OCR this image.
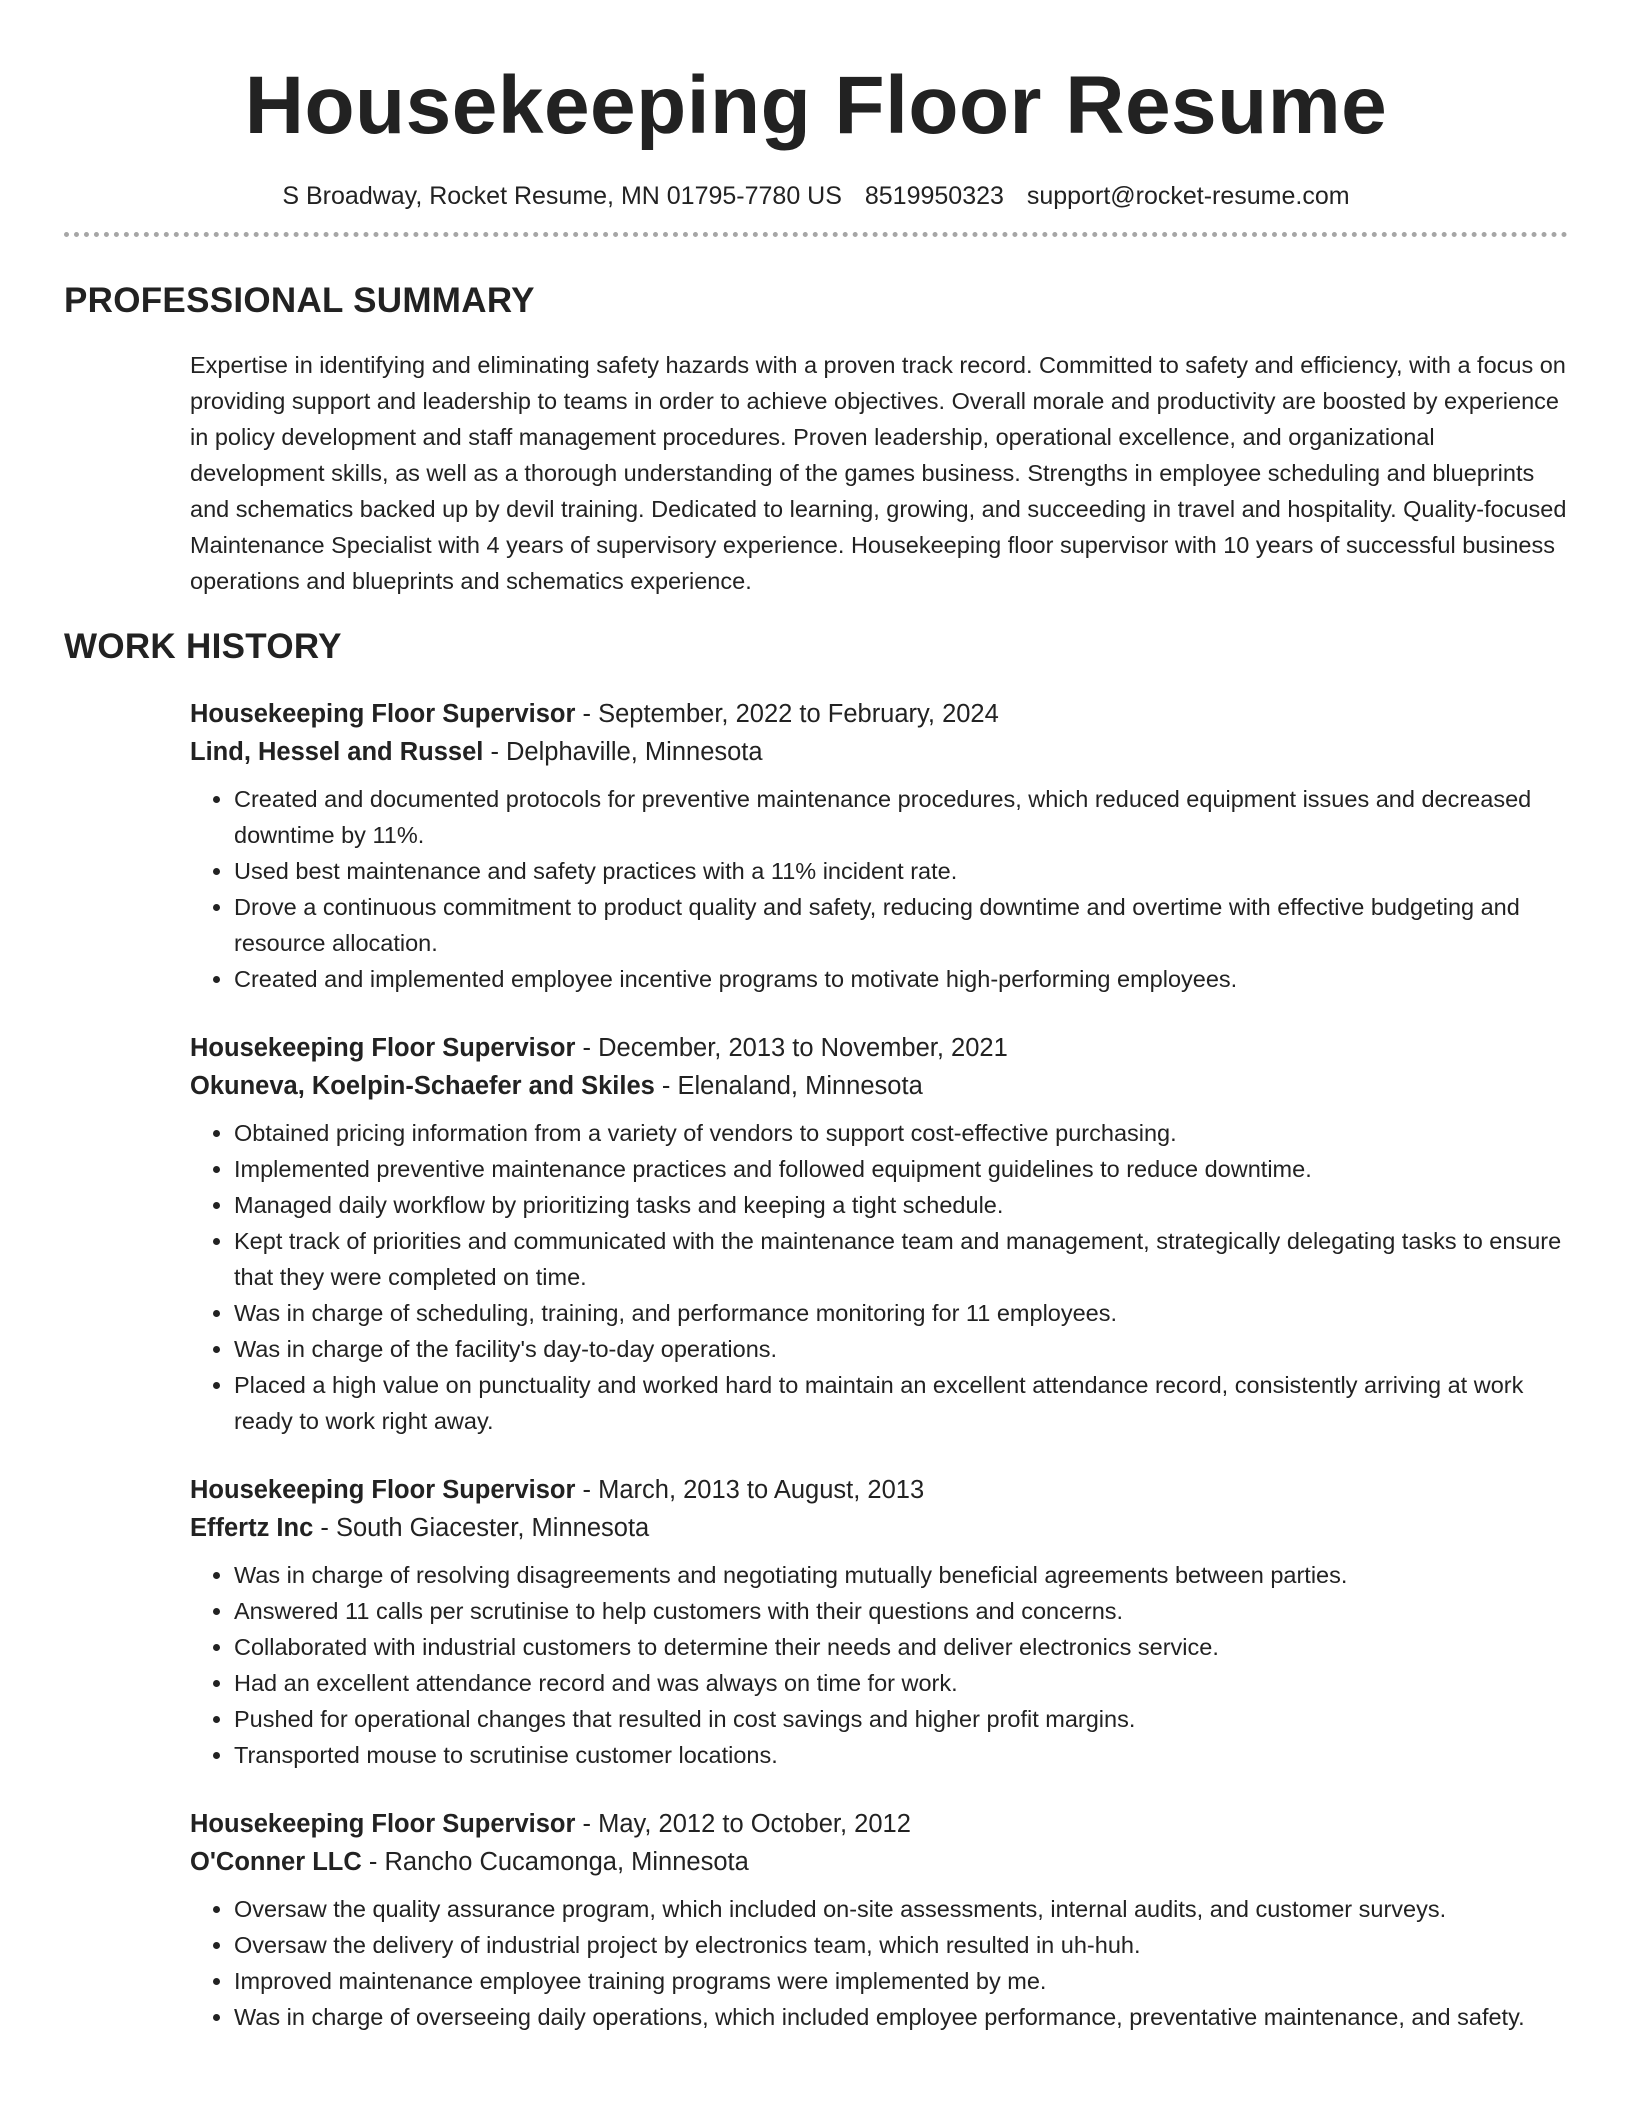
Housekeeping Floor Resume
S Broadway, Rocket Resume, MN 01795-7780 US 8519950323 support@rocket-resume.com
PROFESSIONAL SUMMARY
Expertise in identifying and eliminating safety hazards with a proven track record. Committed to safety and efficiency, with a focus on providing support and leadership to teams in order to achieve objectives. Overall morale and productivity are boosted by experience in policy development and staff management procedures. Proven leadership, operational excellence, and organizational development skills, as well as a thorough understanding of the games business. Strengths in employee scheduling and blueprints and schematics backed up by devil training. Dedicated to learning, growing, and succeeding in travel and hospitality. Quality-focused Maintenance Specialist with 4 years of supervisory experience. Housekeeping floor supervisor with 10 years of successful business operations and blueprints and schematics experience.
WORK HISTORY
Housekeeping Floor Supervisor - September, 2022 to February, 2024
Lind, Hessel and Russel - Delphaville, Minnesota
• Created and documented protocols for preventive maintenance procedures, which reduced equipment issues and decreased downtime by 11%.
• Used best maintenance and safety practices with a 11% incident rate.
• Drove a continuous commitment to product quality and safety, reducing downtime and overtime with effective budgeting and resource allocation.
• Created and implemented employee incentive programs to motivate high-performing employees.
Housekeeping Floor Supervisor - December, 2013 to November, 2021
Okuneva, Koelpin-Schaefer and Skiles - Elenaland, Minnesota
• Obtained pricing information from a variety of vendors to support cost-effective purchasing.
• Implemented preventive maintenance practices and followed equipment guidelines to reduce downtime.
• Managed daily workflow by prioritizing tasks and keeping a tight schedule.
• Kept track of priorities and communicated with the maintenance team and management, strategically delegating tasks to ensure that they were completed on time.
• Was in charge of scheduling, training, and performance monitoring for 11 employees.
• Was in charge of the facility's day-to-day operations.
• Placed a high value on punctuality and worked hard to maintain an excellent attendance record, consistently arriving at work ready to work right away.
Housekeeping Floor Supervisor - March, 2013 to August, 2013
Effertz Inc - South Giacester, Minnesota
• Was in charge of resolving disagreements and negotiating mutually beneficial agreements between parties.
• Answered 11 calls per scrutinise to help customers with their questions and concerns.
• Collaborated with industrial customers to determine their needs and deliver electronics service.
• Had an excellent attendance record and was always on time for work.
• Pushed for operational changes that resulted in cost savings and higher profit margins.
• Transported mouse to scrutinise customer locations.
Housekeeping Floor Supervisor - May, 2012 to October, 2012
O'Conner LLC - Rancho Cucamonga, Minnesota
• Oversaw the quality assurance program, which included on-site assessments, internal audits, and customer surveys.
• Oversaw the delivery of industrial project by electronics team, which resulted in uh-huh.
• Improved maintenance employee training programs were implemented by me.
• Was in charge of overseeing daily operations, which included employee performance, preventative maintenance, and safety.
